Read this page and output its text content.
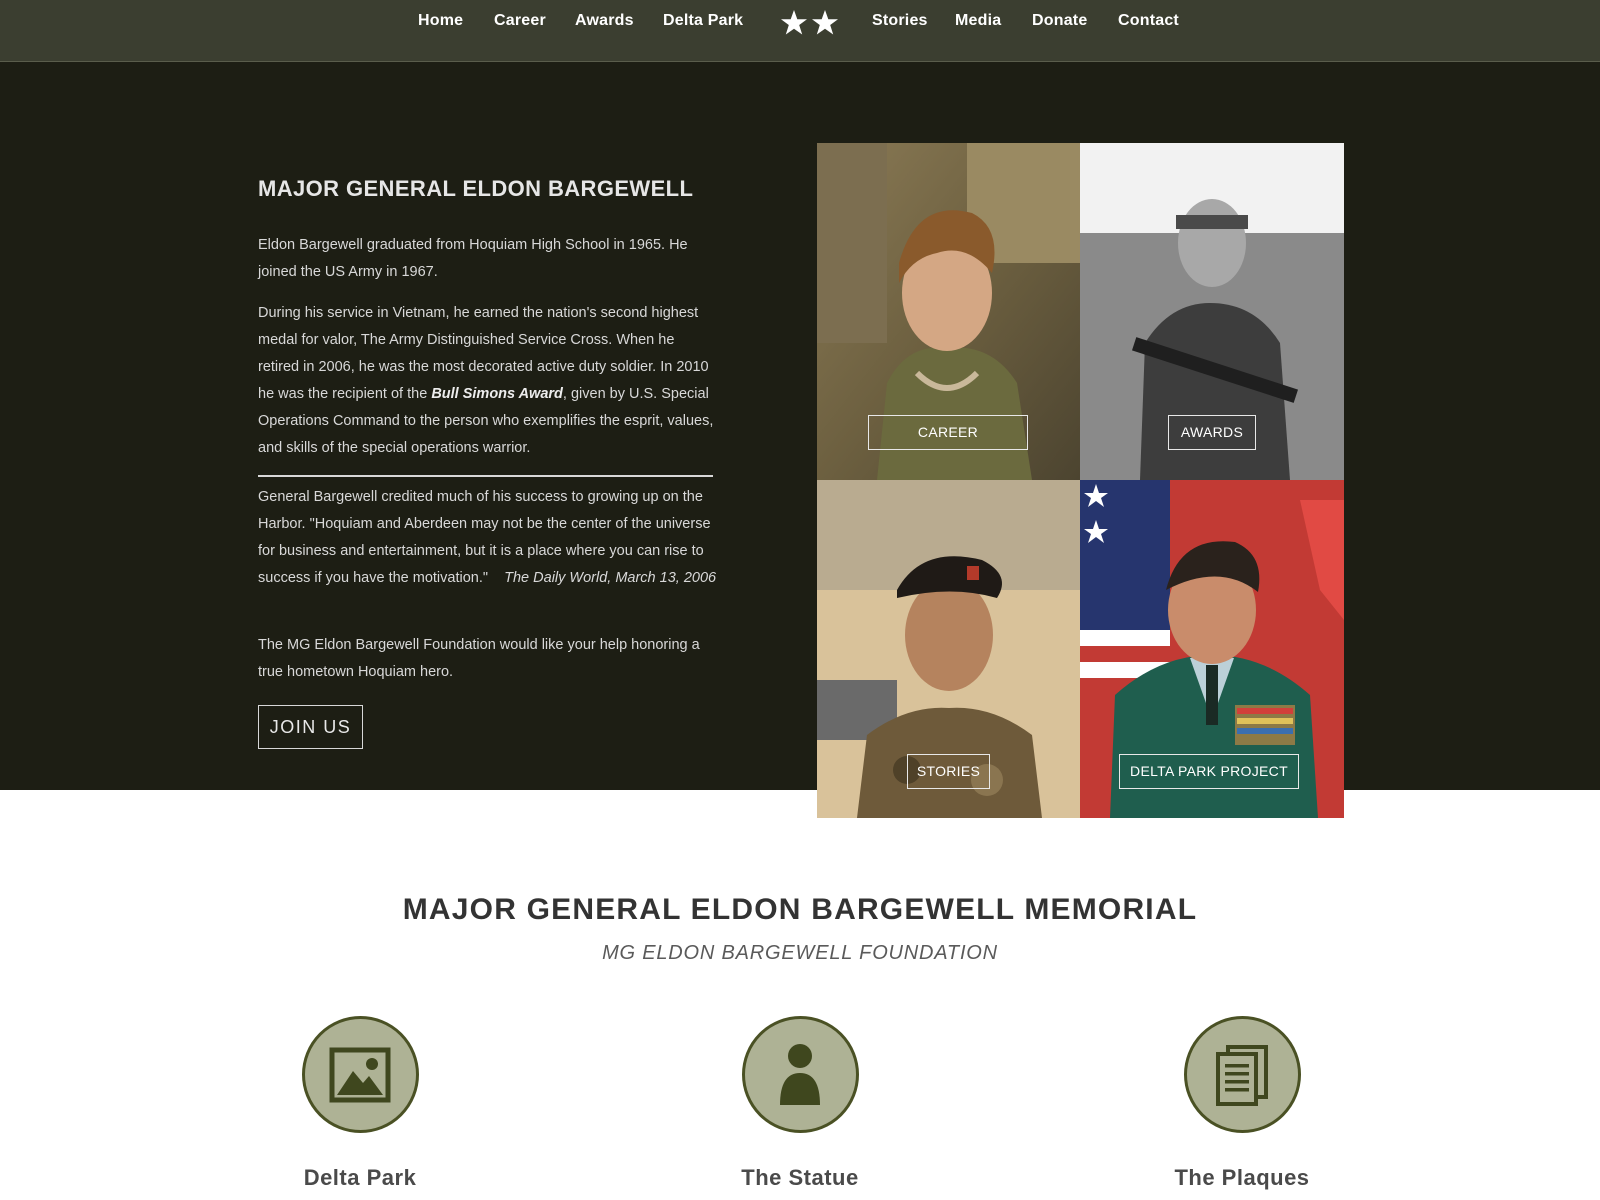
Home Career Awards Delta Park	Stories Media Donate Contact
MAJOR GENERAL ELDON BARGEWELL

Eldon Bargewell graduated from Hoquiam High School in 1965. He joined the US Army in 1967.

During his service in Vietnam, he earned the nation's second highest medal for valor, The Army Distinguished Service Cross. When he retired in 2006, he was the most decorated active duty soldier. In 2010 he was the recipient of the Bull Simons Award, given by U.S. Special Operations Command to the person who exemplifies the esprit, values, and skills of the special operations warrior.

General Bargewell credited much of his success to growing up on the Harbor. "Hoquiam and Aberdeen may not be the center of the universe for business and entertainment, but it is a place where you can rise to success if you have the motivation." The Daily World, March 13, 2006

The MG Eldon Bargewell Foundation would like your help honoring a true hometown Hoquiam hero.

JOIN US
CAREER	AWARDS
STORIES	DELTA PARK PROJECT
MAJOR GENERAL ELDON BARGEWELL MEMORIAL
MG ELDON BARGEWELL FOUNDATION
Delta Park	The Statue	The Plaques
